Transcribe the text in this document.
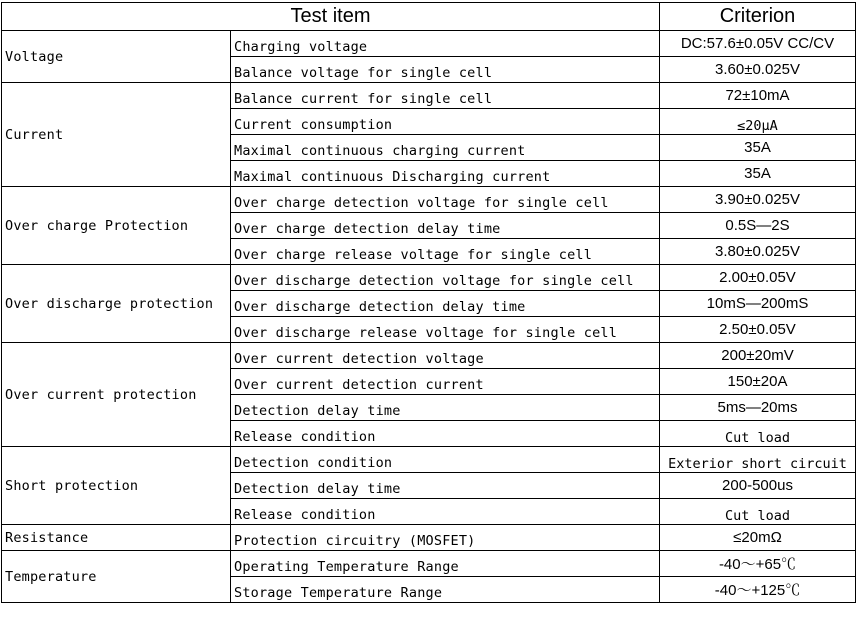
Test item		Criterion
Voltage	Charging voltage	DC:57.6±0.05V CC/CV
	Balance voltage for single cell	3.60±0.025V
Current	Balance current for single cell	72±10mA
	Current consumption	≤20μA
	Maximal continuous charging current	35A
	Maximal continuous Discharging current	35A
Over charge Protection	Over charge detection voltage for single cell	3.90±0.025V
	Over charge detection delay time	0.5S—2S
	Over charge release voltage for single cell	3.80±0.025V
Over discharge protection	Over discharge detection voltage for single cell	2.00±0.05V
	Over discharge detection delay time	10mS—200mS
	Over discharge release voltage for single cell	2.50±0.05V
Over current protection	Over current detection voltage	200±20mV
	Over current detection current	150±20A
	Detection delay time	5ms—20ms
	Release condition	Cut load
Short protection	Detection condition	Exterior short circuit
	Detection delay time	200-500us
	Release condition	Cut load
Resistance	Protection circuitry (MOSFET)	≤20mΩ
Temperature	Operating Temperature Range	-40～+65℃
	Storage Temperature Range	-40～+125℃
